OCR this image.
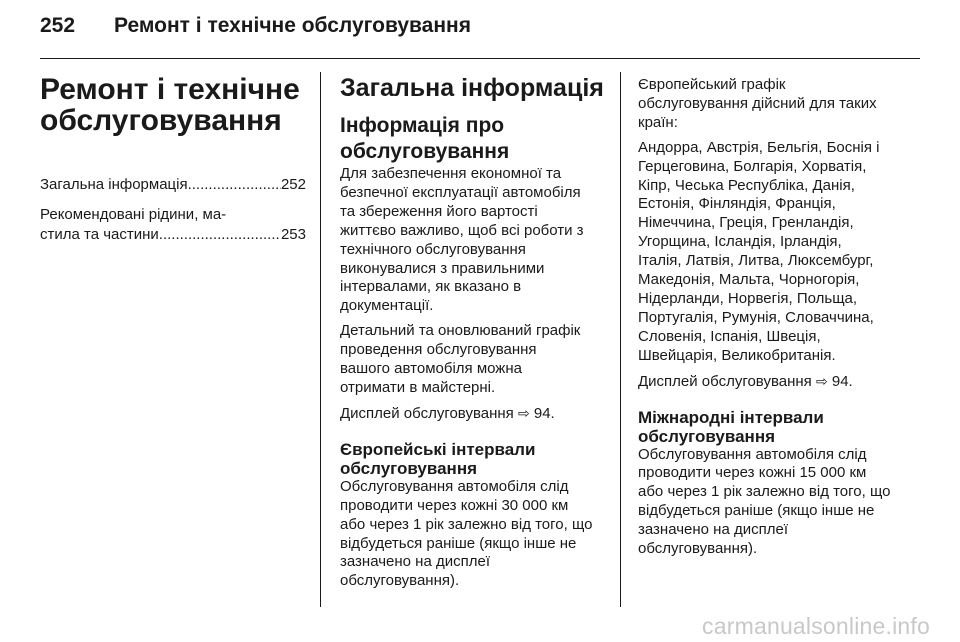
252	Ремонт і технічне обслуговування
Ремонт і технічне
обслуговування
Загальна інформація .....	252
Рекомендовані рідини, ма-
стила та частини .....	253
Загальна інформація
Інформація про
обслуговування

Для забезпечення економної та
безпечної експлуатації автомобіля
та збереження його вартості
життєво важливо, щоб всі роботи з
технічного обслуговування
виконувалися з правильними
інтервалами, як вказано в
документації.

Детальний та оновлюваний графік
проведення обслуговування
вашого автомобіля можна
отримати в майстерні.

Дисплей обслуговування ⇨ 94.

Європейські інтервали
обслуговування

Обслуговування автомобіля слід
проводити через кожні 30 000 км
або через 1 рік залежно від того, що
відбудеться раніше (якщо інше не
зазначено на дисплеї
обслуговування).

Європейський графік
обслуговування дійсний для таких
країн:

Андорра, Австрія, Бельгія, Боснія і
Герцеговина, Болгарія, Хорватія,
Кіпр, Чеська Республіка, Данія,
Естонія, Фінляндія, Франція,
Німеччина, Греція, Гренландія,
Угорщина, Ісландія, Ірландія,
Італія, Латвія, Литва, Люксембург,
Македонія, Мальта, Чорногорія,
Нідерланди, Норвегія, Польща,
Португалія, Румунія, Словаччина,
Словенія, Іспанія, Швеція,
Швейцарія, Великобританія.

Дисплей обслуговування ⇨ 94.

Міжнародні інтервали
обслуговування

Обслуговування автомобіля слід
проводити через кожні 15 000 км
або через 1 рік залежно від того, що
відбудеться раніше (якщо інше не
зазначено на дисплеї
обслуговування).

carmanualsonline.info
